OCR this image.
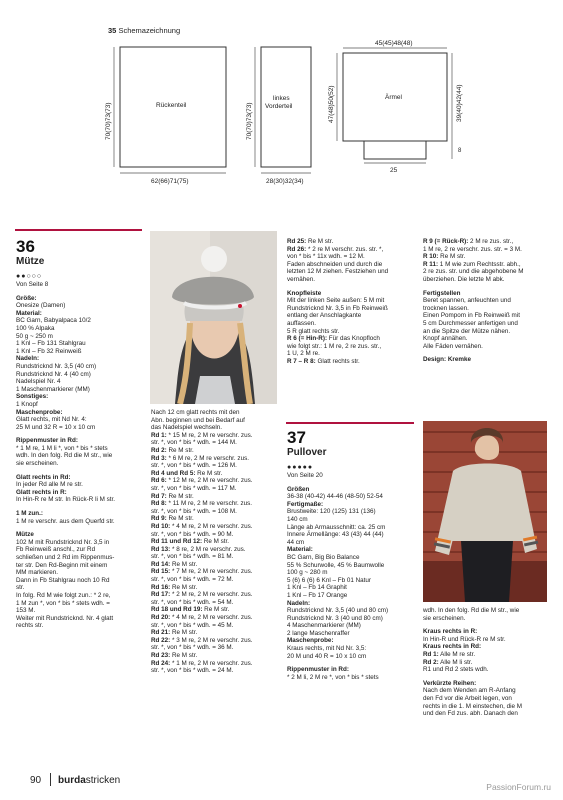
35 Schemazeichnung
Rückenteil
linkes
Vorderteil
Ärmel
62(66)71(75)	28(30)32(34)
45(45)48(48)
25
8
70(70)73(73)	70(70)73(73)	47(48)50(52)	39(40)42(44)
36
Mütze
●●○○○
Von Seite 8

Größe:

Onesize (Damen)

Material:

BC Garn, Babyalpaca 10/2

100 % Alpaka

50 g ~ 250 m

1 Knl – Fb 131 Stahlgrau

1 Knl – Fb 32 Reinweiß

Nadeln:

Rundstricknd Nr. 3,5 (40 cm)

Rundstricknd Nr. 4 (40 cm)

Nadelspiel Nr. 4

1 Maschenmarkierer (MM)

Sonstiges:

1 Knopf

Maschenprobe:

Glatt rechts, mit Nd Nr. 4:

25 M und 32 R = 10 x 10 cm

Rippenmuster in Rd:

* 1 M re, 1 M li *, von * bis * stets

wdh. In den folg. Rd die M str., wie

sie erscheinen.

Glatt rechts in Rd:

In jeder Rd alle M re str.

Glatt rechts in R:

In Hin-R re M str. In Rück-R li M str.

1 M zun.:

1 M re verschr. aus dem Querfd str.

Mütze

102 M mit Rundstricknd Nr. 3,5 in

Fb Reinweiß anschl., zur Rd

schließen und 2 Rd im Rippenmus-

ter str. Den Rd-Beginn mit einem

MM markieren.

Dann in Fb Stahlgrau noch 10 Rd

str.

In folg. Rd M wie folgt zun.: * 2 re,

1 M zun *, von * bis * stets wdh. =

153 M.

Weiter mit Rundstricknd. Nr. 4 glatt

rechts str.

Nach 12 cm glatt rechts mit den

Abn. beginnen und bei Bedarf auf

das Nadelspiel wechseln.

Rd 1: * 15 M re, 2 M re verschr. zus.

str. *, von * bis * wdh. = 144 M.

Rd 2: Re M str.

Rd 3: * 6 M re, 2 M re verschr. zus.

str. *, von * bis * wdh. = 126 M.

Rd 4 und Rd 5: Re M str.

Rd 6: * 12 M re, 2 M re verschr. zus.

str. *, von * bis * wdh. = 117 M.

Rd 7: Re M str.

Rd 8: * 11 M re, 2 M re verschr. zus.

str. *, von * bis * wdh. = 108 M.

Rd 9: Re M str.

Rd 10: * 4 M re, 2 M re verschr. zus.

str. *, von * bis * wdh. = 90 M.

Rd 11 und Rd 12: Re M str.

Rd 13: * 8 re, 2 M re verschr. zus.

str. *, von * bis * wdh. = 81 M.

Rd 14: Re M str.

Rd 15: * 7 M re, 2 M re verschr. zus.

str. *, von * bis * wdh. = 72 M.

Rd 16: Re M str.

Rd 17: * 2 M re, 2 M re verschr. zus.

str. *, von * bis * wdh. = 54 M.

Rd 18 und Rd 19: Re M str.

Rd 20: * 4 M re, 2 M re verschr. zus.

str. *, von * bis * wdh. = 45 M.

Rd 21: Re M str.

Rd 22: * 3 M re, 2 M re verschr. zus.

str. *, von * bis * wdh. = 36 M.

Rd 23: Re M str.

Rd 24: * 1 M re, 2 M re verschr. zus.

str. *, von * bis * wdh. = 24 M.

Rd 25: Re M str.

Rd 26: * 2 re M verschr. zus. str. *,

von * bis * 11x wdh. = 12 M.

Faden abschneiden und durch die

letzten 12 M ziehen. Festziehen und

vernähen.

Knopfleiste

Mit der linken Seite außen: 5 M mit

Rundstricknd Nr. 3,5 in Fb Reinweiß

entlang der Anschlagkante

auffassen.

5 R glatt rechts str.

R 6 (= Hin-R): Für das Knopfloch

wie folgt str.: 1 M re, 2 re zus. str.,

1 U, 2 M re.

R 7 – R 8: Glatt rechts str.

37
Pullover
●●●●●
Von Seite 20

Größen

36-38 (40-42) 44-46 (48-50) 52-54

Fertigmaße:

Brustweite: 120 (125) 131 (136)

140 cm

Länge ab Armausschnitt: ca. 25 cm

Innere Ärmellänge: 43 (43) 44 (44)

44 cm

Material:

BC Garn, Big Bio Balance

55 % Schurwolle, 45 % Baumwolle

100 g ~ 280 m

5 (6) 6 (6) 6 Knl – Fb 01 Natur

1 Knl – Fb 14 Graphit

1 Knl – Fb 17 Orange

Nadeln:

Rundstricknd Nr. 3,5 (40 und 80 cm)

Rundstricknd Nr. 3 (40 und 80 cm)

4 Maschenmarkierer (MM)

2 lange Maschenraffer

Maschenprobe:

Kraus rechts, mit Nd Nr. 3,5:

20 M und 40 R = 10 x 10 cm

Rippenmuster in Rd:

* 2 M li, 2 M re *, von * bis * stets

R 9 (= Rück-R): 2 M re zus. str.,

1 M re, 2 re verschr. zus. str. = 3 M.

R 10: Re M str.

R 11: 1 M wie zum Rechtsstr. abh.,

2 re zus. str. und die abgehobene M

überziehen. Die letzte M abk.

Fertigstellen

Beret spannen, anfeuchten und

trocknen lassen.

Einen Pompom in Fb Reinweiß mit

5 cm Durchmesser anfertigen und

an die Spitze der Mütze nähen.

Knopf annähen.

Alle Fäden vernähen.

Design: Kremke

wdh. In den folg. Rd die M str., wie

sie erscheinen.

Kraus rechts in R:

In Hin-R und Rück-R re M str.

Kraus rechts in Rd:

Rd 1: Alle M re str.

Rd 2: Alle M li str.

R1 und Rd 2 stets wdh.

Verkürzte Reihen:

Nach dem Wenden am R-Anfang

den Fd vor die Arbeit legen, von

rechts in die 1. M einstechen, die M

und den Fd zus. abh. Danach den

90 burdastricken
PassionForum.ru
